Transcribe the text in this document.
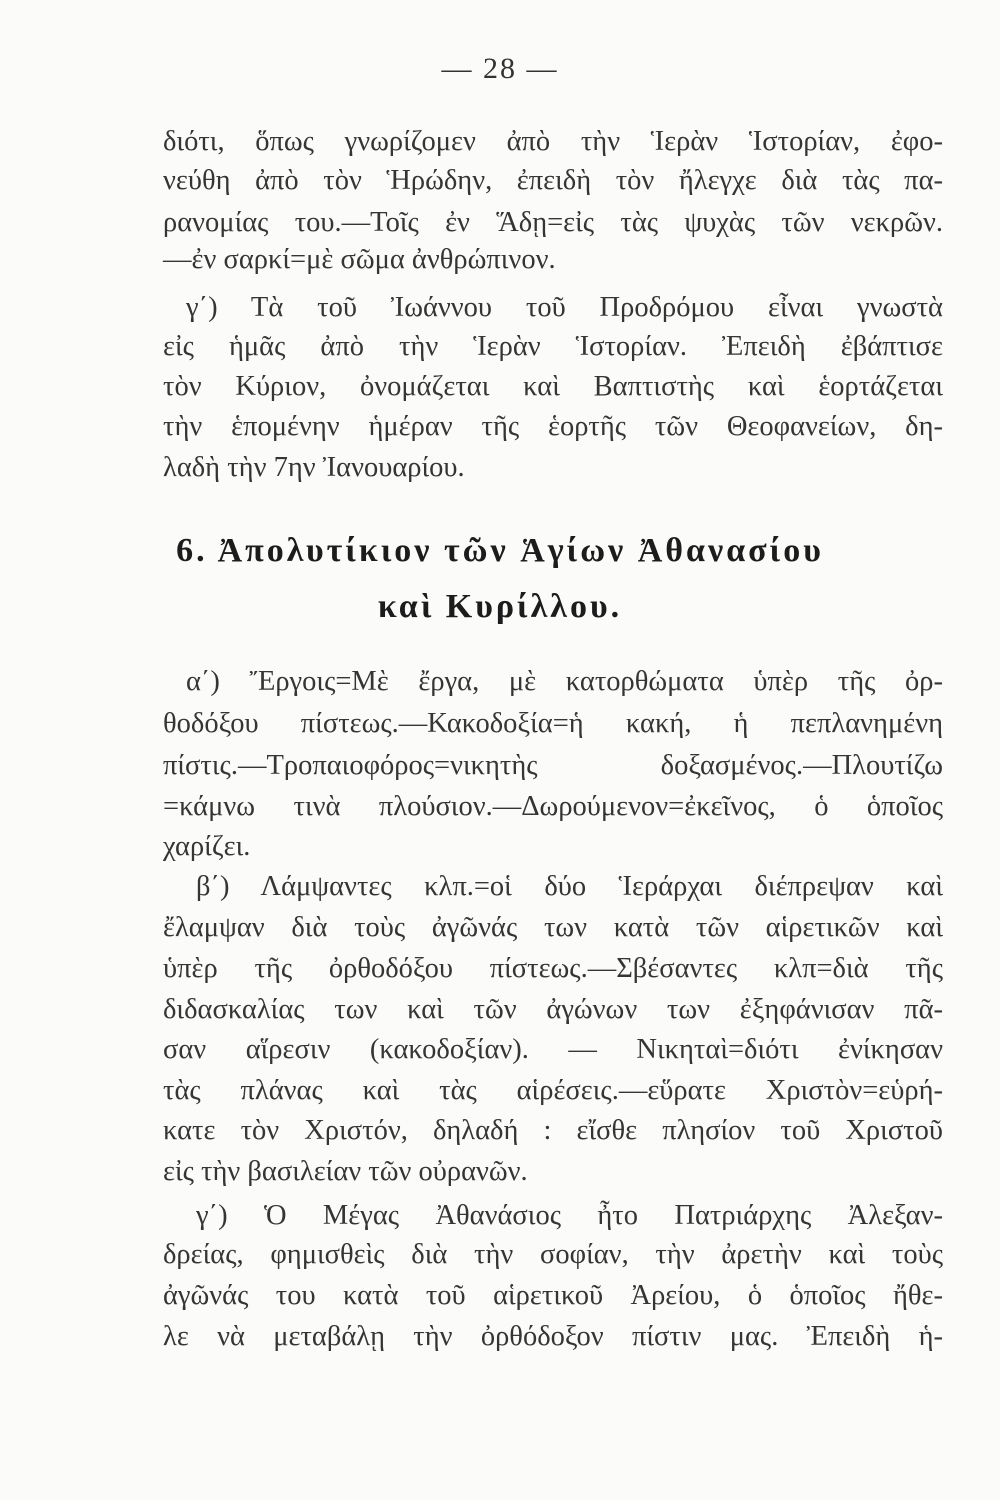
— 28 —
διότι, ὅπως γνωρίζομεν ἀπὸ τὴν Ἱερὰν Ἱστορίαν, ἐφο-
νεύθη ἀπὸ τὸν Ἡρώδην, ἐπειδὴ τὸν ἤλεγχε διὰ τὰς πα-
ρανομίας του.—Τοῖς ἐν Ἅδῃ=εἰς τὰς ψυχὰς τῶν νεκρῶν.
—ἐν σαρκί=μὲ σῶμα ἀνθρώπινον.
γ΄) Τὰ τοῦ Ἰωάννου τοῦ Προδρόμου εἶναι γνωστὰ
εἰς ἡμᾶς ἀπὸ τὴν Ἱερὰν Ἱστορίαν. Ἐπειδὴ ἐβάπτισε
τὸν Κύριον, ὀνομάζεται καὶ Βαπτιστὴς καὶ ἑορτάζεται
τὴν ἑπομένην ἡμέραν τῆς ἑορτῆς τῶν Θεοφανείων, δη-
λαδὴ τὴν 7ην Ἰανουαρίου.
6. Ἀπολυτίκιον τῶν Ἁγίων Ἀθανασίου
καὶ Κυρίλλου.
α΄) Ἔργοις=Μὲ ἔργα, μὲ κατορθώματα ὑπὲρ τῆς ὀρ-
θοδόξου πίστεως.—Κακοδοξία=ἡ κακή, ἡ πεπλανημένη
πίστις.—Τροπαιοφόρος=νικητὴς δοξασμένος.—Πλουτίζω
=κάμνω τινὰ πλούσιον.—Δωρούμενον=ἐκεῖνος, ὁ ὁποῖος
χαρίζει.
β΄) Λάμψαντες κλπ.=οἱ δύο Ἱεράρχαι διέπρεψαν καὶ
ἔλαμψαν διὰ τοὺς ἀγῶνάς των κατὰ τῶν αἱρετικῶν καὶ
ὑπὲρ τῆς ὀρθοδόξου πίστεως.—Σβέσαντες κλπ=διὰ τῆς
διδασκαλίας των καὶ τῶν ἀγώνων των ἐξηφάνισαν πᾶ-
σαν αἵρεσιν (κακοδοξίαν). — Νικηταὶ=διότι ἐνίκησαν
τὰς πλάνας καὶ τὰς αἱρέσεις.—εὕρατε Χριστὸν=εὑρή-
κατε τὸν Χριστόν, δηλαδή : εἴσθε πλησίον τοῦ Χριστοῦ
εἰς τὴν βασιλείαν τῶν οὐρανῶν.
γ΄) Ὁ Μέγας Ἀθανάσιος ἦτο Πατριάρχης Ἀλεξαν-
δρείας, φημισθεὶς διὰ τὴν σοφίαν, τὴν ἀρετὴν καὶ τοὺς
ἀγῶνάς του κατὰ τοῦ αἱρετικοῦ Ἀρείου, ὁ ὁποῖος ἤθε-
λε νὰ μεταβάλῃ τὴν ὀρθόδοξον πίστιν μας. Ἐπειδὴ ἡ-
